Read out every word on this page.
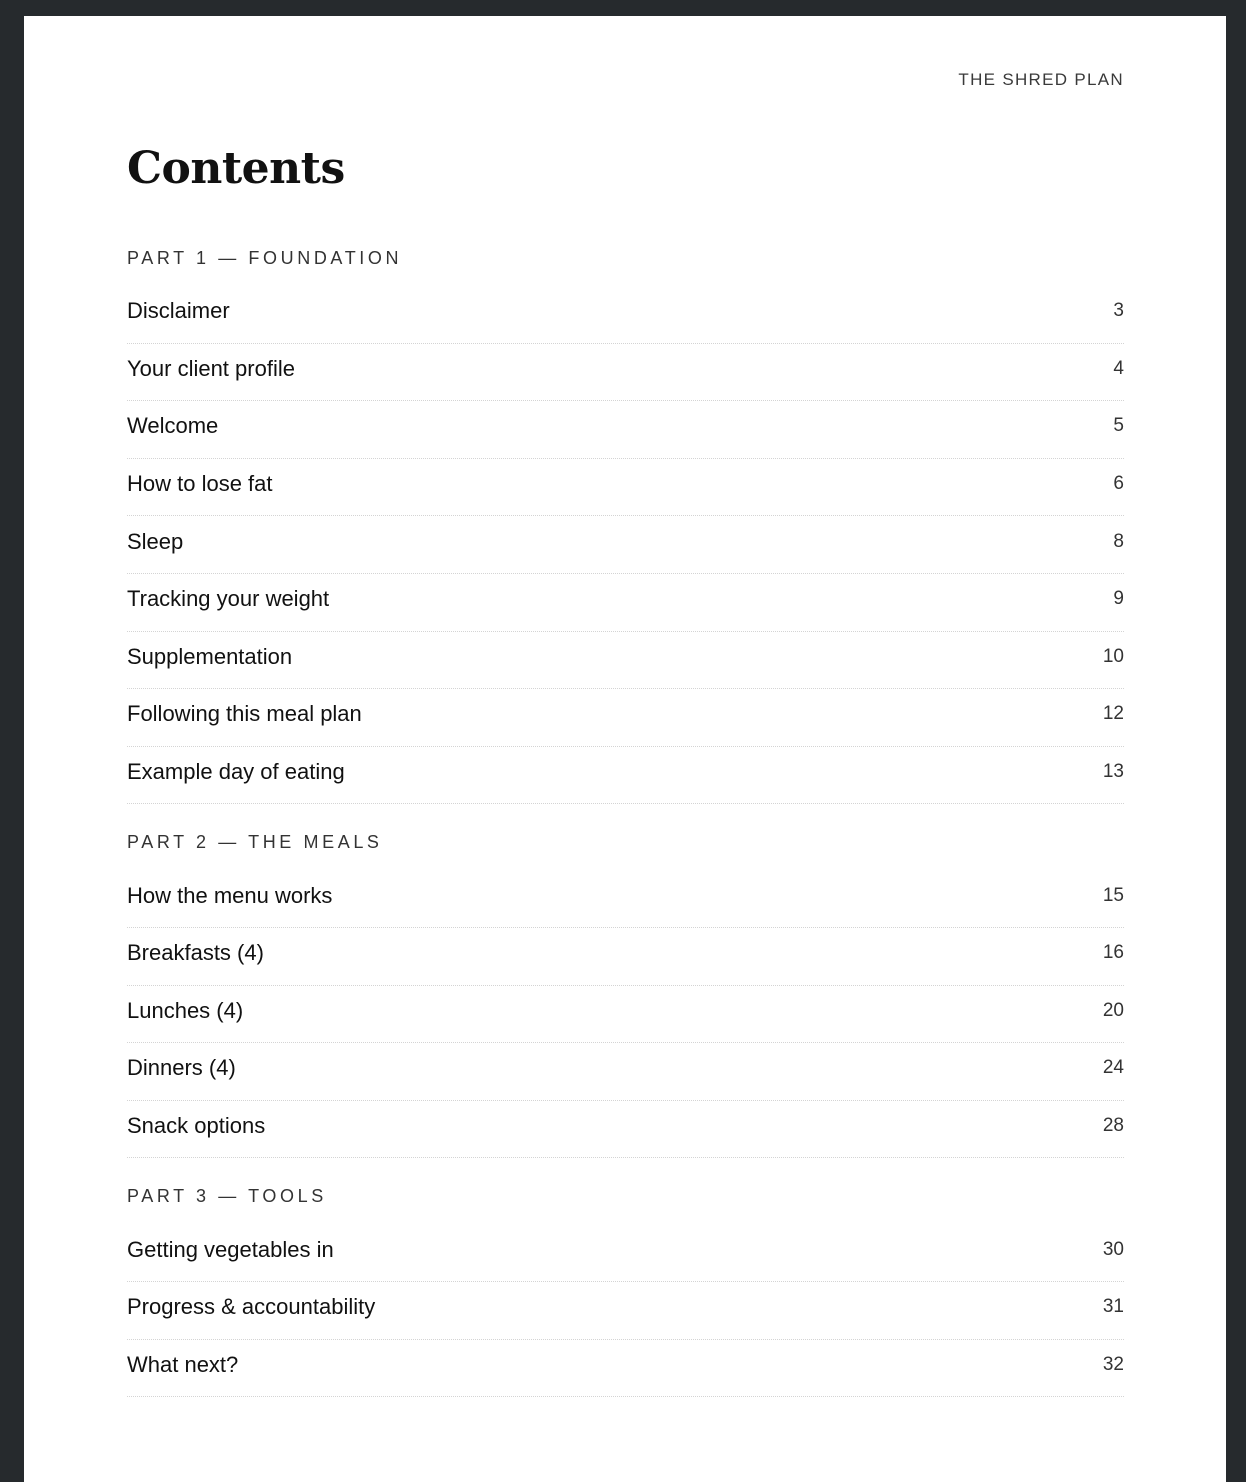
THE SHRED PLAN
Contents
PART 1 — FOUNDATION
Disclaimer	3
Your client profile	4
Welcome	5
How to lose fat	6
Sleep	8
Tracking your weight	9
Supplementation	10
Following this meal plan	12
Example day of eating	13
PART 2 — THE MEALS
How the menu works	15
Breakfasts (4)	16
Lunches (4)	20
Dinners (4)	24
Snack options	28
PART 3 — TOOLS
Getting vegetables in	30
Progress & accountability	31
What next?	32
